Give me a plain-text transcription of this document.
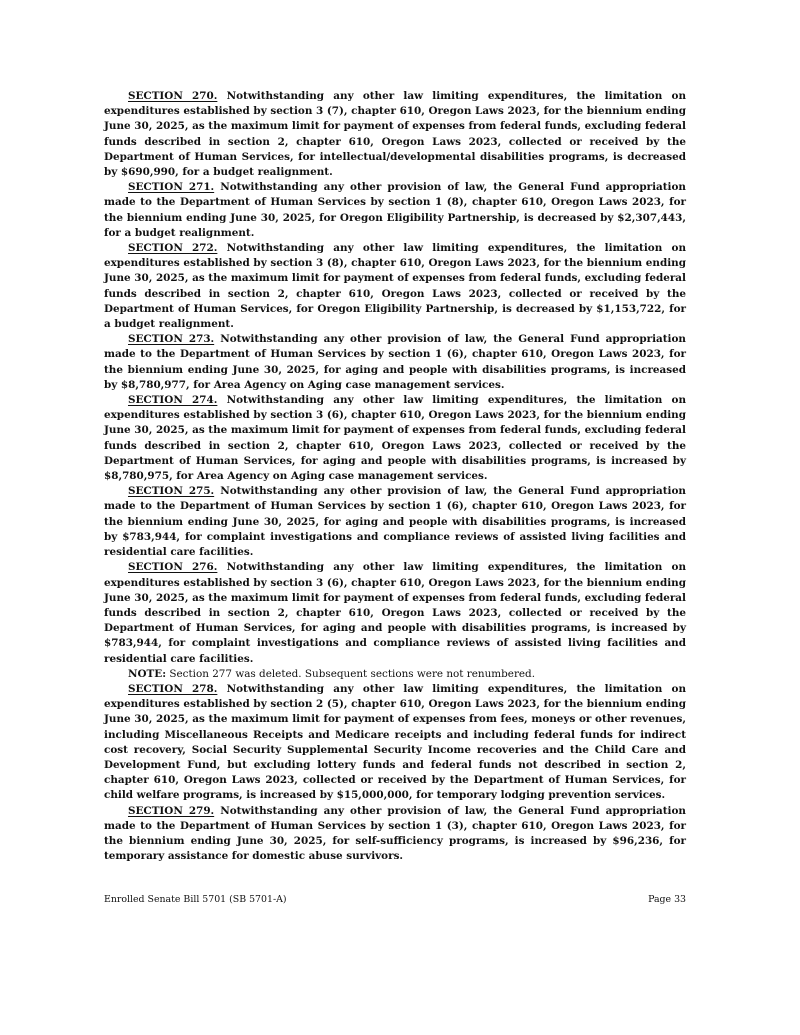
SECTION 270. Notwithstanding any other law limiting expenditures, the limitation on expenditures established by section 3 (7), chapter 610, Oregon Laws 2023, for the biennium ending June 30, 2025, as the maximum limit for payment of expenses from federal funds, excluding federal funds described in section 2, chapter 610, Oregon Laws 2023, collected or received by the Department of Human Services, for intellectual/developmental disabilities programs, is decreased by $690,990, for a budget realignment.

SECTION 271. Notwithstanding any other provision of law, the General Fund appropriation made to the Department of Human Services by section 1 (8), chapter 610, Oregon Laws 2023, for the biennium ending June 30, 2025, for Oregon Eligibility Partnership, is decreased by $2,307,443, for a budget realignment.

SECTION 272. Notwithstanding any other law limiting expenditures, the limitation on expenditures established by section 3 (8), chapter 610, Oregon Laws 2023, for the biennium ending June 30, 2025, as the maximum limit for payment of expenses from federal funds, excluding federal funds described in section 2, chapter 610, Oregon Laws 2023, collected or received by the Department of Human Services, for Oregon Eligibility Partnership, is decreased by $1,153,722, for a budget realignment.

SECTION 273. Notwithstanding any other provision of law, the General Fund appropriation made to the Department of Human Services by section 1 (6), chapter 610, Oregon Laws 2023, for the biennium ending June 30, 2025, for aging and people with disabilities programs, is increased by $8,780,977, for Area Agency on Aging case management services.

SECTION 274. Notwithstanding any other law limiting expenditures, the limitation on expenditures established by section 3 (6), chapter 610, Oregon Laws 2023, for the biennium ending June 30, 2025, as the maximum limit for payment of expenses from federal funds, excluding federal funds described in section 2, chapter 610, Oregon Laws 2023, collected or received by the Department of Human Services, for aging and people with disabilities programs, is increased by $8,780,975, for Area Agency on Aging case management services.

SECTION 275. Notwithstanding any other provision of law, the General Fund appropriation made to the Department of Human Services by section 1 (6), chapter 610, Oregon Laws 2023, for the biennium ending June 30, 2025, for aging and people with disabilities programs, is increased by $783,944, for complaint investigations and compliance reviews of assisted living facilities and residential care facilities.

SECTION 276. Notwithstanding any other law limiting expenditures, the limitation on expenditures established by section 3 (6), chapter 610, Oregon Laws 2023, for the biennium ending June 30, 2025, as the maximum limit for payment of expenses from federal funds, excluding federal funds described in section 2, chapter 610, Oregon Laws 2023, collected or received by the Department of Human Services, for aging and people with disabilities programs, is increased by $783,944, for complaint investigations and compliance reviews of assisted living facilities and residential care facilities.

NOTE: Section 277 was deleted. Subsequent sections were not renumbered.

SECTION 278. Notwithstanding any other law limiting expenditures, the limitation on expenditures established by section 2 (5), chapter 610, Oregon Laws 2023, for the biennium ending June 30, 2025, as the maximum limit for payment of expenses from fees, moneys or other revenues, including Miscellaneous Receipts and Medicare receipts and including federal funds for indirect cost recovery, Social Security Supplemental Security Income recoveries and the Child Care and Development Fund, but excluding lottery funds and federal funds not described in section 2, chapter 610, Oregon Laws 2023, collected or received by the Department of Human Services, for child welfare programs, is increased by $15,000,000, for temporary lodging prevention services.

SECTION 279. Notwithstanding any other provision of law, the General Fund appropriation made to the Department of Human Services by section 1 (3), chapter 610, Oregon Laws 2023, for the biennium ending June 30, 2025, for self-sufficiency programs, is increased by $96,236, for temporary assistance for domestic abuse survivors.

Enrolled Senate Bill 5701 (SB 5701-A)	Page 33
